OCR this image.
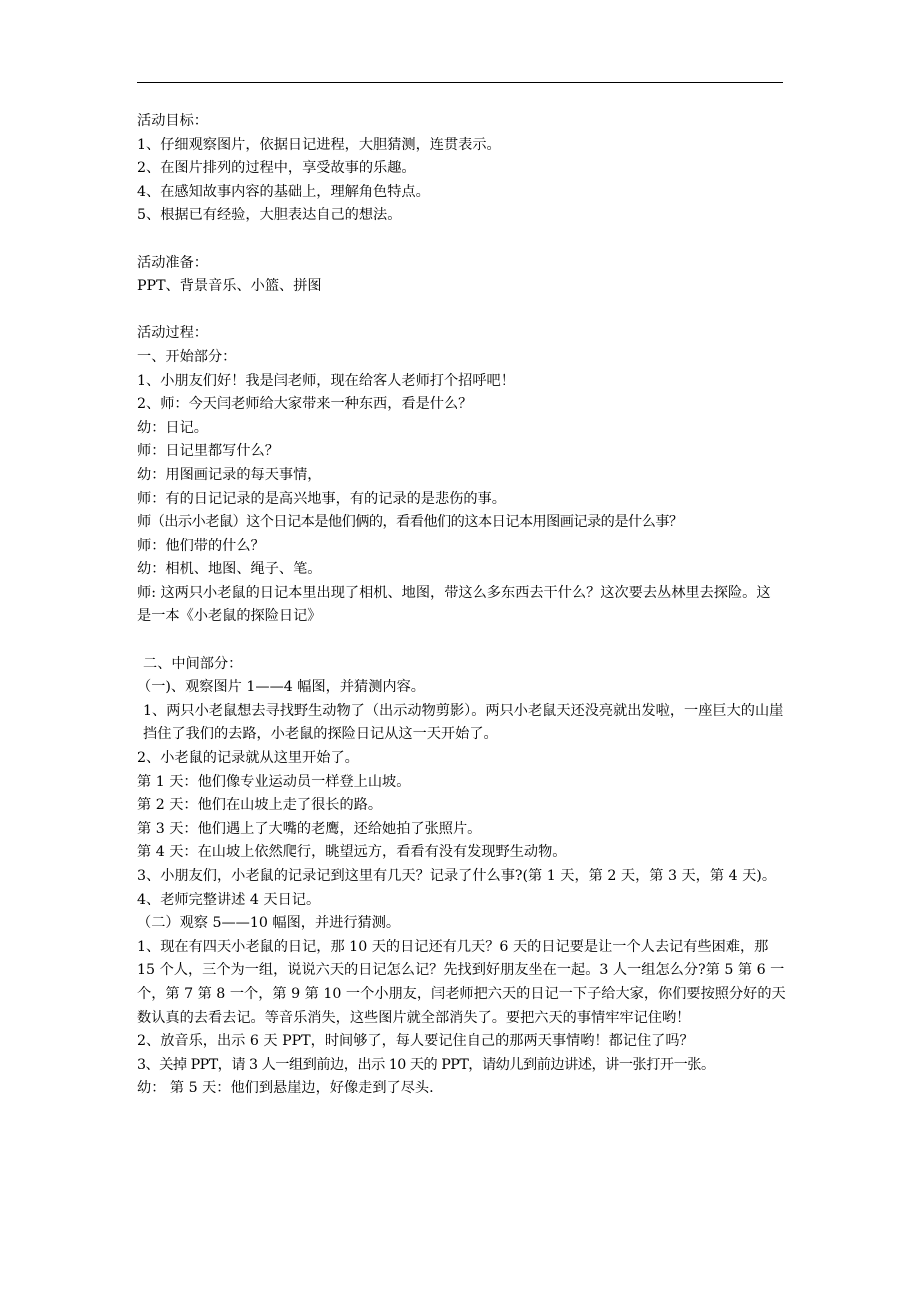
活动目标：
1、仔细观察图片，依据日记进程，大胆猜测，连贯表示。
2、在图片排列的过程中，享受故事的乐趣。
4、在感知故事内容的基础上，理解角色特点。
5、根据已有经验，大胆表达自己的想法。
活动准备：
PPT、背景音乐、小篮、拼图
活动过程：
一、开始部分：
1、小朋友们好！我是闫老师，现在给客人老师打个招呼吧！
2、师：今天闫老师给大家带来一种东西，看是什么？
幼：日记。
师：日记里都写什么？
幼：用图画记录的每天事情，
师：有的日记记录的是高兴地事，有的记录的是悲伤的事。
师（出示小老鼠）这个日记本是他们俩的，看看他们的这本日记本用图画记录的是什么事？
师：他们带的什么？
幼：相机、地图、绳子、笔。
师: 这两只小老鼠的日记本里出现了相机、地图，带这么多东西去干什么？这次要去丛林里去探险。这是一本《小老鼠的探险日记》
二、中间部分：
（一)、观察图片 1——4 幅图，并猜测内容。
1、两只小老鼠想去寻找野生动物了（出示动物剪影）。两只小老鼠天还没亮就出发啦，一座巨大的山崖挡住了我们的去路，小老鼠的探险日记从这一天开始了。
2、小老鼠的记录就从这里开始了。
第 1 天：他们像专业运动员一样登上山坡。
第 2 天：他们在山坡上走了很长的路。
第 3 天：他们遇上了大嘴的老鹰，还给她拍了张照片。
第 4 天：在山坡上依然爬行，眺望远方，看看有没有发现野生动物。
3、小朋友们，小老鼠的记录记到这里有几天？记录了什么事?(第 1 天，第 2 天，第 3 天，第 4 天)。
4、老师完整讲述 4 天日记。
（二）观察 5——10 幅图，并进行猜测。
1、现在有四天小老鼠的日记，那 10 天的日记还有几天？6 天的日记要是让一个人去记有些困难，那 15 个人，三个为一组，说说六天的日记怎么记？先找到好朋友坐在一起。3 人一组怎么分?第 5 第 6 一个，第 7 第 8 一个，第 9 第 10 一个小朋友，闫老师把六天的日记一下子给大家，你们要按照分好的天数认真的去看去记。等音乐消失，这些图片就全部消失了。要把六天的事情牢牢记住哟！
2、放音乐，出示 6 天 PPT，时间够了，每人要记住自己的那两天事情哟！都记住了吗？
3、关掉 PPT，请 3 人一组到前边，出示 10 天的 PPT，请幼儿到前边讲述，讲一张打开一张。
幼： 第 5 天：他们到悬崖边，好像走到了尽头.
